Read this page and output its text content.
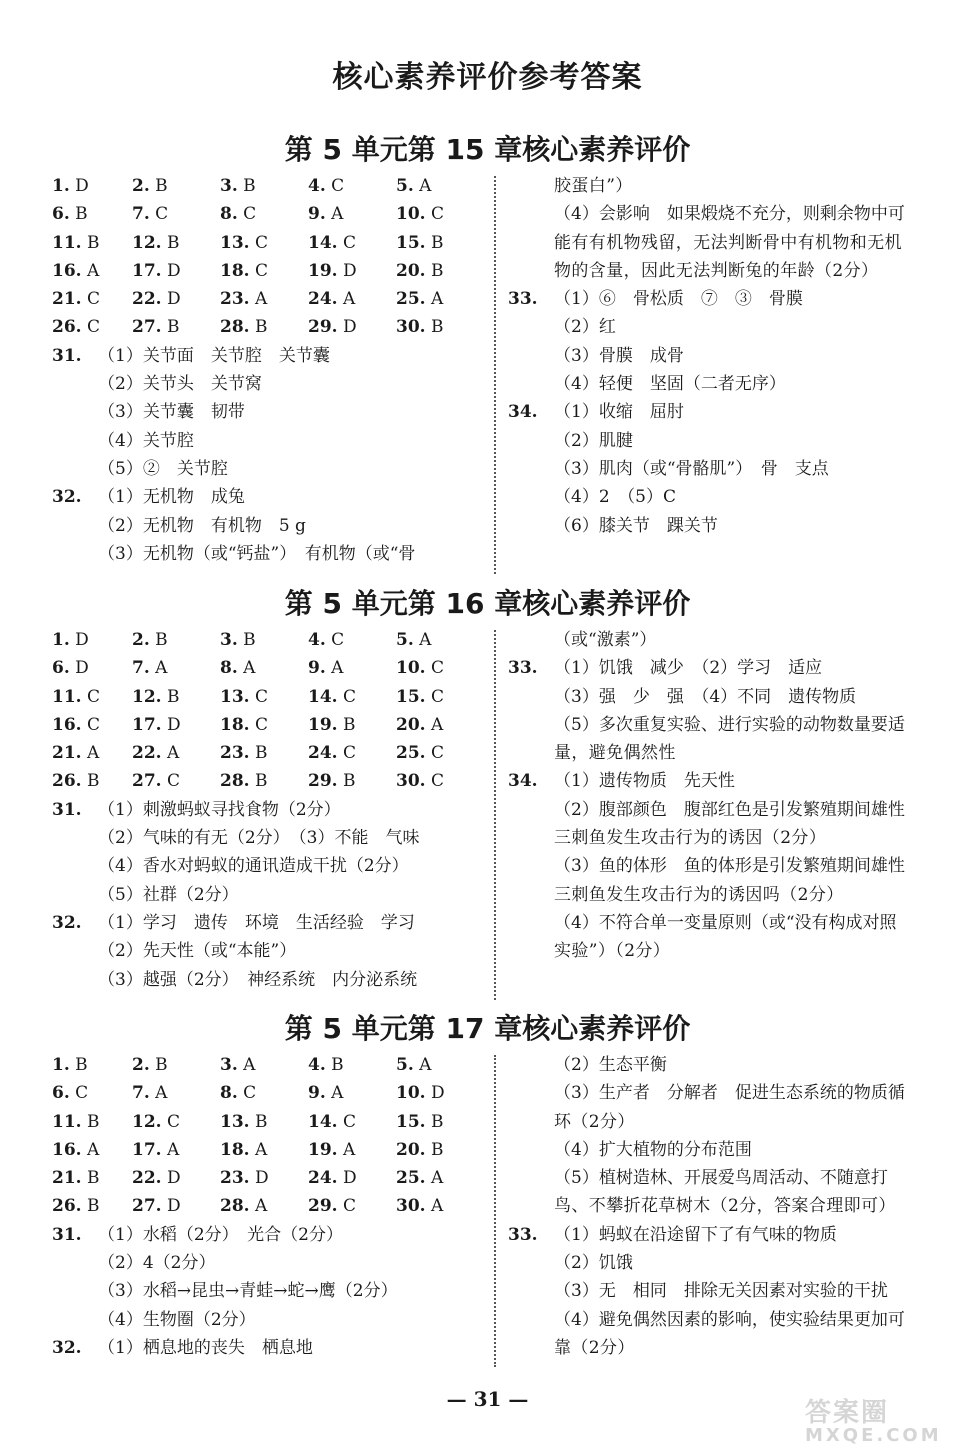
核心素养评价参考答案
第 5 单元第 15 章核心素养评价
1. D	2. B	3. B	4. C	5. A
6. B	7. C	8. C	9. A	10. C
11. B	12. B	13. C	14. C	15. B
16. A	17. D	18. C	19. D	20. B
21. C	22. D	23. A	24. A	25. A
26. C	27. B	28. B	29. D	30. B
31. （1）关节面　关节腔　关节囊
（2）关节头　关节窝
（3）关节囊　韧带
（4）关节腔
（5）②　关节腔
32. （1）无机物　成兔
（2）无机物　有机物　5 g
（3）无机物（或“钙盐”）　有机物（或“骨
胶蛋白”）
（4）会影响　如果煅烧不充分，则剩余物中可
能有有机物残留，无法判断骨中有机物和无机
物的含量，因此无法判断兔的年龄（2分）
33. （1）⑥　骨松质　⑦　③　骨膜
（2）红
（3）骨膜　成骨
（4）轻便　坚固（二者无序）
34. （1）收缩　屈肘
（2）肌腱
（3）肌肉（或“骨骼肌”）　骨　支点
（4）2　（5）C
（6）膝关节　踝关节
第 5 单元第 16 章核心素养评价
1. D	2. B	3. B	4. C	5. A
6. D	7. A	8. A	9. A	10. C
11. C	12. B	13. C	14. C	15. C
16. C	17. D	18. C	19. B	20. A
21. A	22. A	23. B	24. C	25. C
26. B	27. C	28. B	29. B	30. C
31. （1）刺激蚂蚁寻找食物（2分）
（2）气味的有无（2分）　（3）不能　气味
（4）香水对蚂蚁的通讯造成干扰（2分）
（5）社群（2分）
32. （1）学习　遗传　环境　生活经验　学习
（2）先天性（或“本能”）
（3）越强（2分）　神经系统　内分泌系统
（或“激素”）
33. （1）饥饿　减少　（2）学习　适应
（3）强　少　强　（4）不同　遗传物质
（5）多次重复实验、进行实验的动物数量要适
量，避免偶然性
34. （1）遗传物质　先天性
（2）腹部颜色　腹部红色是引发繁殖期间雄性
三刺鱼发生攻击行为的诱因（2分）
（3）鱼的体形　鱼的体形是引发繁殖期间雄性
三刺鱼发生攻击行为的诱因吗（2分）
（4）不符合单一变量原则（或“没有构成对照
实验”）（2分）
第 5 单元第 17 章核心素养评价
1. B	2. B	3. A	4. B	5. A
6. C	7. A	8. C	9. A	10. D
11. B	12. C	13. B	14. C	15. B
16. A	17. A	18. A	19. A	20. B
21. B	22. D	23. D	24. D	25. A
26. B	27. D	28. A	29. C	30. A
31. （1）水稻（2分）　光合（2分）
（2）4（2分）
（3）水稻→昆虫→青蛙→蛇→鹰（2分）
（4）生物圈（2分）
32. （1）栖息地的丧失　栖息地
（2）生态平衡
（3）生产者　分解者　促进生态系统的物质循
环（2分）
（4）扩大植物的分布范围
（5）植树造林、开展爱鸟周活动、不随意打
鸟、不攀折花草树木（2分，答案合理即可）
33. （1）蚂蚁在沿途留下了有气味的物质
（2）饥饿
（3）无　相同　排除无关因素对实验的干扰
（4）避免偶然因素的影响，使实验结果更加可
靠（2分）
— 31 —	答案圈
MXQE.COM
